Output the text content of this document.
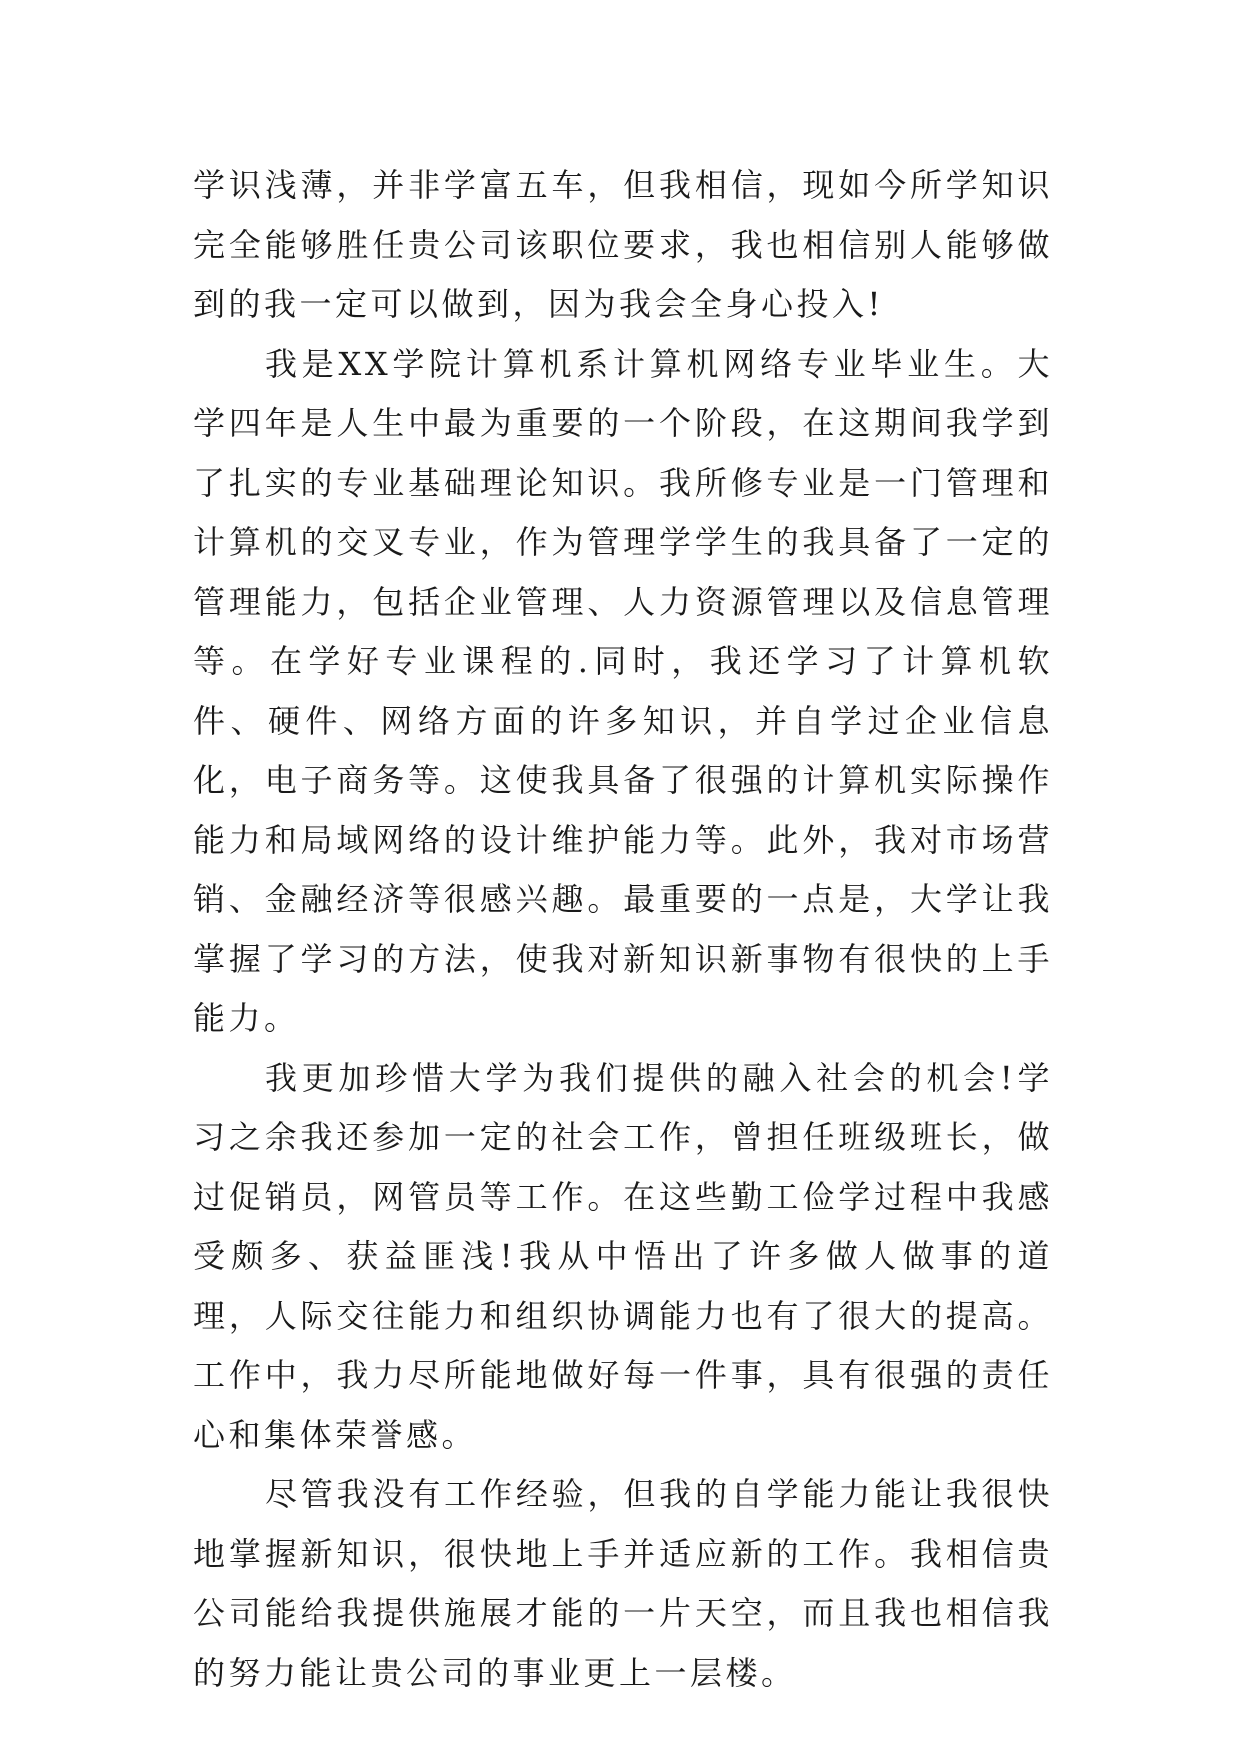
学识浅薄，并非学富五车，但我相信，现如今所学知识完全能够胜任贵公司该职位要求，我也相信别人能够做到的我一定可以做到，因为我会全身心投入!

我是XX学院计算机系计算机网络专业毕业生。大学四年是人生中最为重要的一个阶段，在这期间我学到了扎实的专业基础理论知识。我所修专业是一门管理和计算机的交叉专业，作为管理学学生的我具备了一定的管理能力，包括企业管理、人力资源管理以及信息管理等。在学好专业课程的.同时，我还学习了计算机软件、硬件、网络方面的许多知识，并自学过企业信息化，电子商务等。这使我具备了很强的计算机实际操作能力和局域网络的设计维护能力等。此外，我对市场营销、金融经济等很感兴趣。最重要的一点是，大学让我掌握了学习的方法，使我对新知识新事物有很快的上手能力。

我更加珍惜大学为我们提供的融入社会的机会!学习之余我还参加一定的社会工作，曾担任班级班长，做过促销员，网管员等工作。在这些勤工俭学过程中我感受颇多、获益匪浅!我从中悟出了许多做人做事的道理，人际交往能力和组织协调能力也有了很大的提高。工作中，我力尽所能地做好每一件事，具有很强的责任心和集体荣誉感。

尽管我没有工作经验，但我的自学能力能让我很快地掌握新知识，很快地上手并适应新的工作。我相信贵公司能给我提供施展才能的一片天空，而且我也相信我的努力能让贵公司的事业更上一层楼。
